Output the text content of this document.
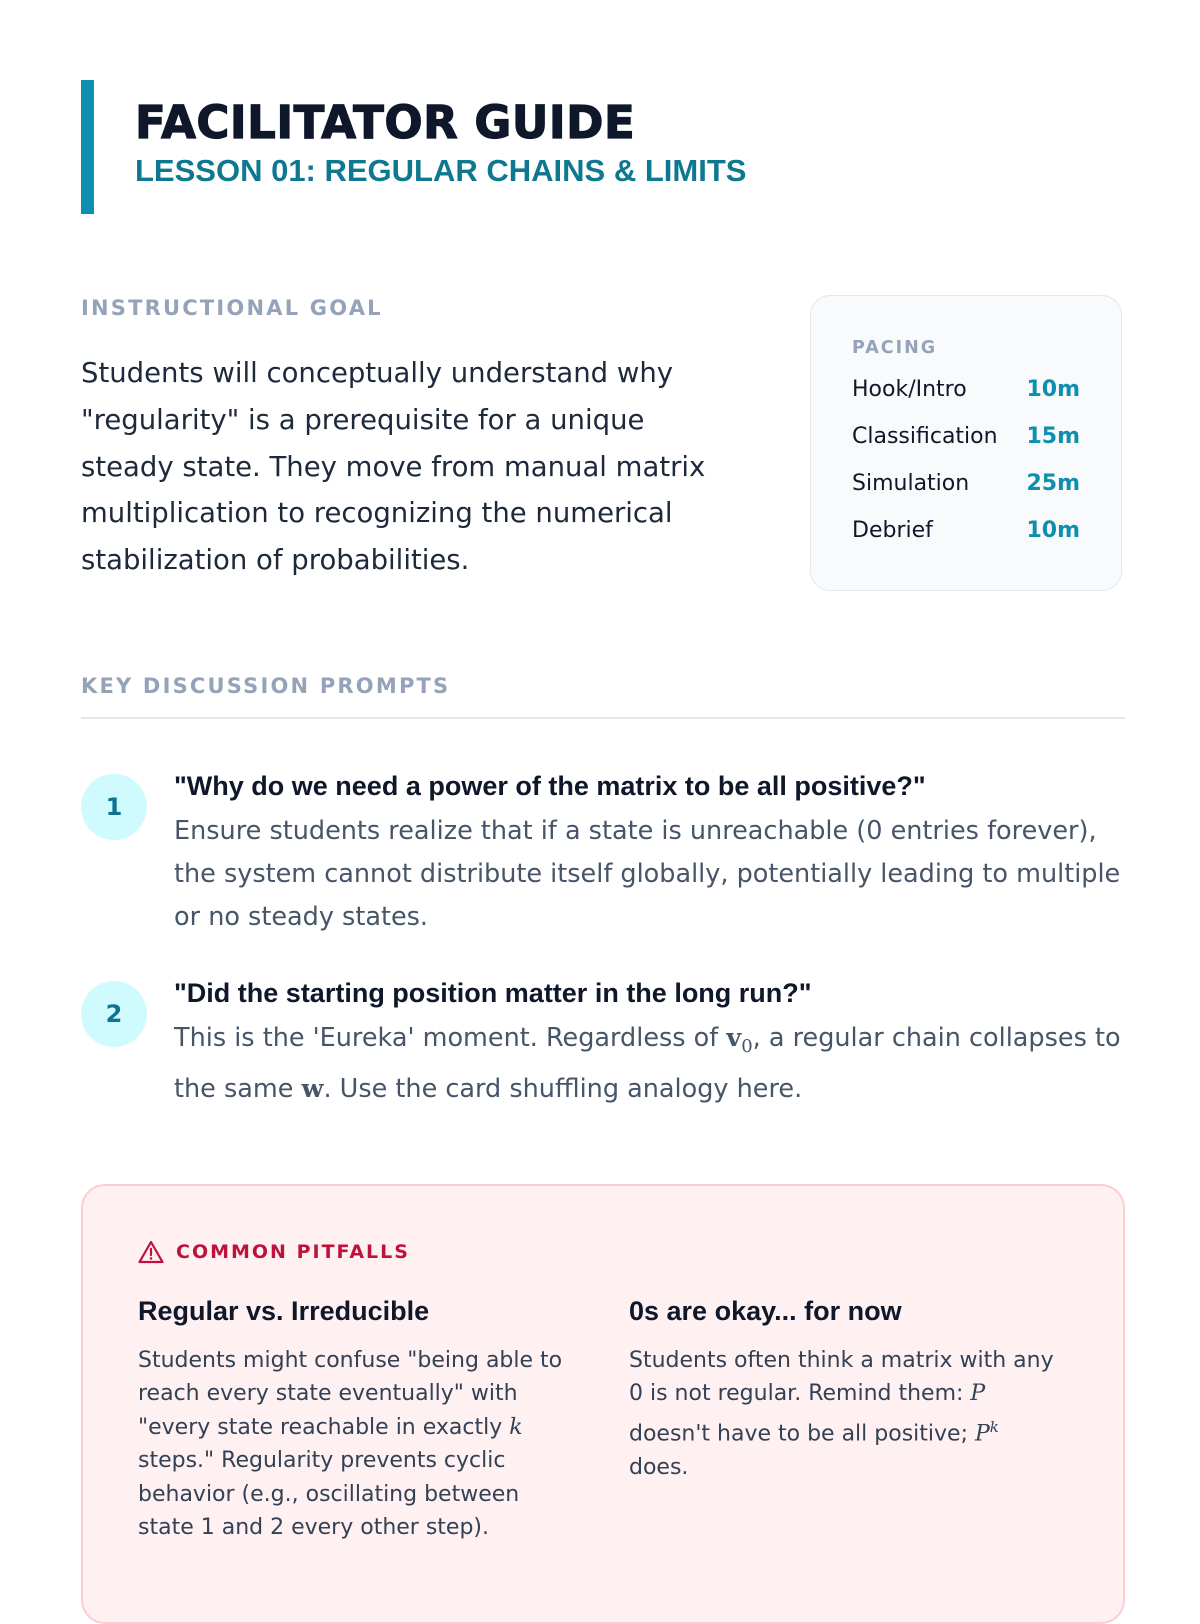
FACILITATOR GUIDE
LESSON 01: REGULAR CHAINS & LIMITS
INSTRUCTIONAL GOAL

Students will conceptually understand why "regularity" is a prerequisite for a unique steady state. They move from manual matrix multiplication to recognizing the numerical stabilization of probabilities.

PACING
Hook/Intro	10m
Classification 15m
Simulation	25m
Debrief	10m
KEY DISCUSSION PROMPTS
1

"Why do we need a power of the matrix to be all positive?"

Ensure students realize that if a state is unreachable (0 entries forever), the system cannot distribute itself globally, potentially leading to multiple or no steady states.

2

"Did the starting position matter in the long run?"

This is the 'Eureka' moment. Regardless of $v_0$, a regular chain collapses to the same w. Use the card shuffling analogy here.

COMMON PITFALLS
Regular vs. Irreducible

Students might confuse "being able to reach every state eventually" with "every state reachable in exactly k steps." Regularity prevents cyclic behavior (e.g., oscillating between state 1 and 2 every other step).

0s are okay... for now

Students often think a matrix with any 0 is not regular. Remind them: P doesn't have to be all positive; $P^k$ does.
